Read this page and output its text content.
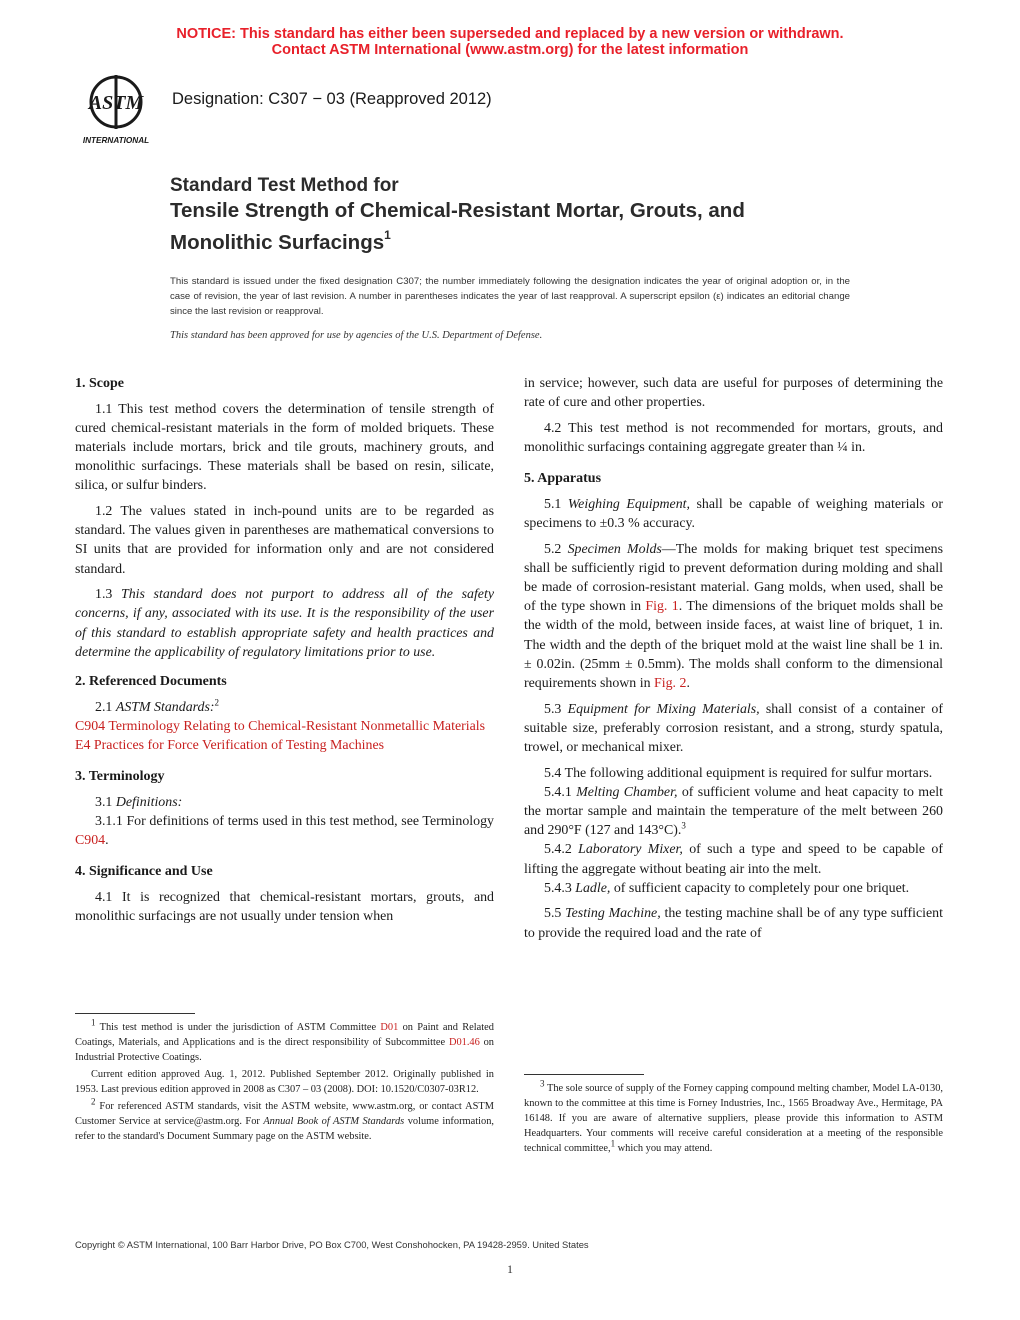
NOTICE: This standard has either been superseded and replaced by a new version or withdrawn.
Contact ASTM International (www.astm.org) for the latest information
ASTM
INTERNATIONAL
Designation: C307 − 03 (Reapproved 2012)
Standard Test Method for
Tensile Strength of Chemical-Resistant Mortar, Grouts, and
Monolithic Surfacings$^1$
This standard is issued under the fixed designation C307; the number immediately following the designation indicates the year of original adoption or, in the case of revision, the year of last revision. A number in parentheses indicates the year of last reapproval. A superscript epsilon (ε) indicates an editorial change since the last revision or reapproval.
This standard has been approved for use by agencies of the U.S. Department of Defense.
1. Scope

1.1 This test method covers the determination of tensile strength of cured chemical-resistant materials in the form of molded briquets. These materials include mortars, brick and tile grouts, machinery grouts, and monolithic surfacings. These materials shall be based on resin, silicate, silica, or sulfur binders.

1.2 The values stated in inch-pound units are to be regarded as standard. The values given in parentheses are mathematical conversions to SI units that are provided for information only and are not considered standard.

1.3 This standard does not purport to address all of the safety concerns, if any, associated with its use. It is the responsibility of the user of this standard to establish appropriate safety and health practices and determine the applicability of regulatory limitations prior to use.

2. Referenced Documents

2.1 ASTM Standards:$^2$

C904 Terminology Relating to Chemical-Resistant Nonmetallic Materials

E4 Practices for Force Verification of Testing Machines

3. Terminology

3.1 Definitions:

3.1.1 For definitions of terms used in this test method, see Terminology C904.

4. Significance and Use

4.1 It is recognized that chemical-resistant mortars, grouts, and monolithic surfacings are not usually under tension when

in service; however, such data are useful for purposes of determining the rate of cure and other properties.

4.2 This test method is not recommended for mortars, grouts, and monolithic surfacings containing aggregate greater than ¼ in.

5. Apparatus

5.1 Weighing Equipment, shall be capable of weighing materials or specimens to ±0.3 % accuracy.

5.2 Specimen Molds—The molds for making briquet test specimens shall be sufficiently rigid to prevent deformation during molding and shall be made of corrosion-resistant material. Gang molds, when used, shall be of the type shown in Fig. 1. The dimensions of the briquet molds shall be the width of the mold, between inside faces, at waist line of briquet, 1 in. The width and the depth of the briquet mold at the waist line shall be 1 in. ± 0.02in. (25mm ± 0.5mm). The molds shall conform to the dimensional requirements shown in Fig. 2.

5.3 Equipment for Mixing Materials, shall consist of a container of suitable size, preferably corrosion resistant, and a strong, sturdy spatula, trowel, or mechanical mixer.

5.4 The following additional equipment is required for sulfur mortars.

5.4.1 Melting Chamber, of sufficient volume and heat capacity to melt the mortar sample and maintain the temperature of the melt between 260 and 290°F (127 and 143°C).$^3$

5.4.2 Laboratory Mixer, of such a type and speed to be capable of lifting the aggregate without beating air into the melt.

5.4.3 Ladle, of sufficient capacity to completely pour one briquet.

5.5 Testing Machine, the testing machine shall be of any type sufficient to provide the required load and the rate of

1 This test method is under the jurisdiction of ASTM Committee D01 on Paint and Related Coatings, Materials, and Applications and is the direct responsibility of Subcommittee D01.46 on Industrial Protective Coatings.

Current edition approved Aug. 1, 2012. Published September 2012. Originally published in 1953. Last previous edition approved in 2008 as C307 – 03 (2008). DOI: 10.1520/C0307-03R12.

2 For referenced ASTM standards, visit the ASTM website, www.astm.org, or contact ASTM Customer Service at service@astm.org. For Annual Book of ASTM Standards volume information, refer to the standard's Document Summary page on the ASTM website.

3 The sole source of supply of the Forney capping compound melting chamber, Model LA-0130, known to the committee at this time is Forney Industries, Inc., 1565 Broadway Ave., Hermitage, PA 16148. If you are aware of alternative suppliers, please provide this information to ASTM Headquarters. Your comments will receive careful consideration at a meeting of the responsible technical committee,1 which you may attend.

Copyright © ASTM International, 100 Barr Harbor Drive, PO Box C700, West Conshohocken, PA 19428-2959. United States
1
